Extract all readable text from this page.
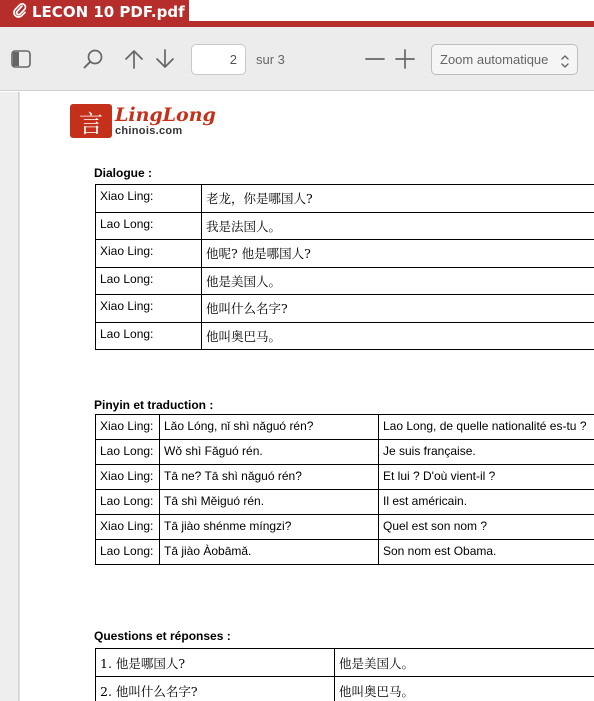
LECON 10 PDF.pdf
2	sur 3	Zoom automatique
言 LingLong
chinois.com
Dialogue :
Xiao Ling:	老龙，你是哪国人?
Lao Long:	我是法国人。
Xiao Ling:	他呢? 他是哪国人?
Lao Long:	他是美国人。
Xiao Ling:	他叫什么名字?
Lao Long:	他叫奥巴马。
Pinyin et traduction :
Xiao Ling:	Lǎo Lóng, nǐ shì nǎguó rén?	Lao Long, de quelle nationalité es-tu ?
Lao Long:	Wǒ shì Fǎguó rén.	Je suis française.
Xiao Ling:	Tā ne? Tā shì nǎguó rén?	Et lui ? D'où vient-il ?
Lao Long:	Tā shì Měiguó rén.	Il est américain.
Xiao Ling:	Tā jiào shénme míngzi?	Quel est son nom ?
Lao Long:	Tā jiào Àobāmǎ.	Son nom est Obama.
Questions et réponses :
1. 他是哪国人?	他是美国人。
2. 他叫什么名字?	他叫奥巴马。
